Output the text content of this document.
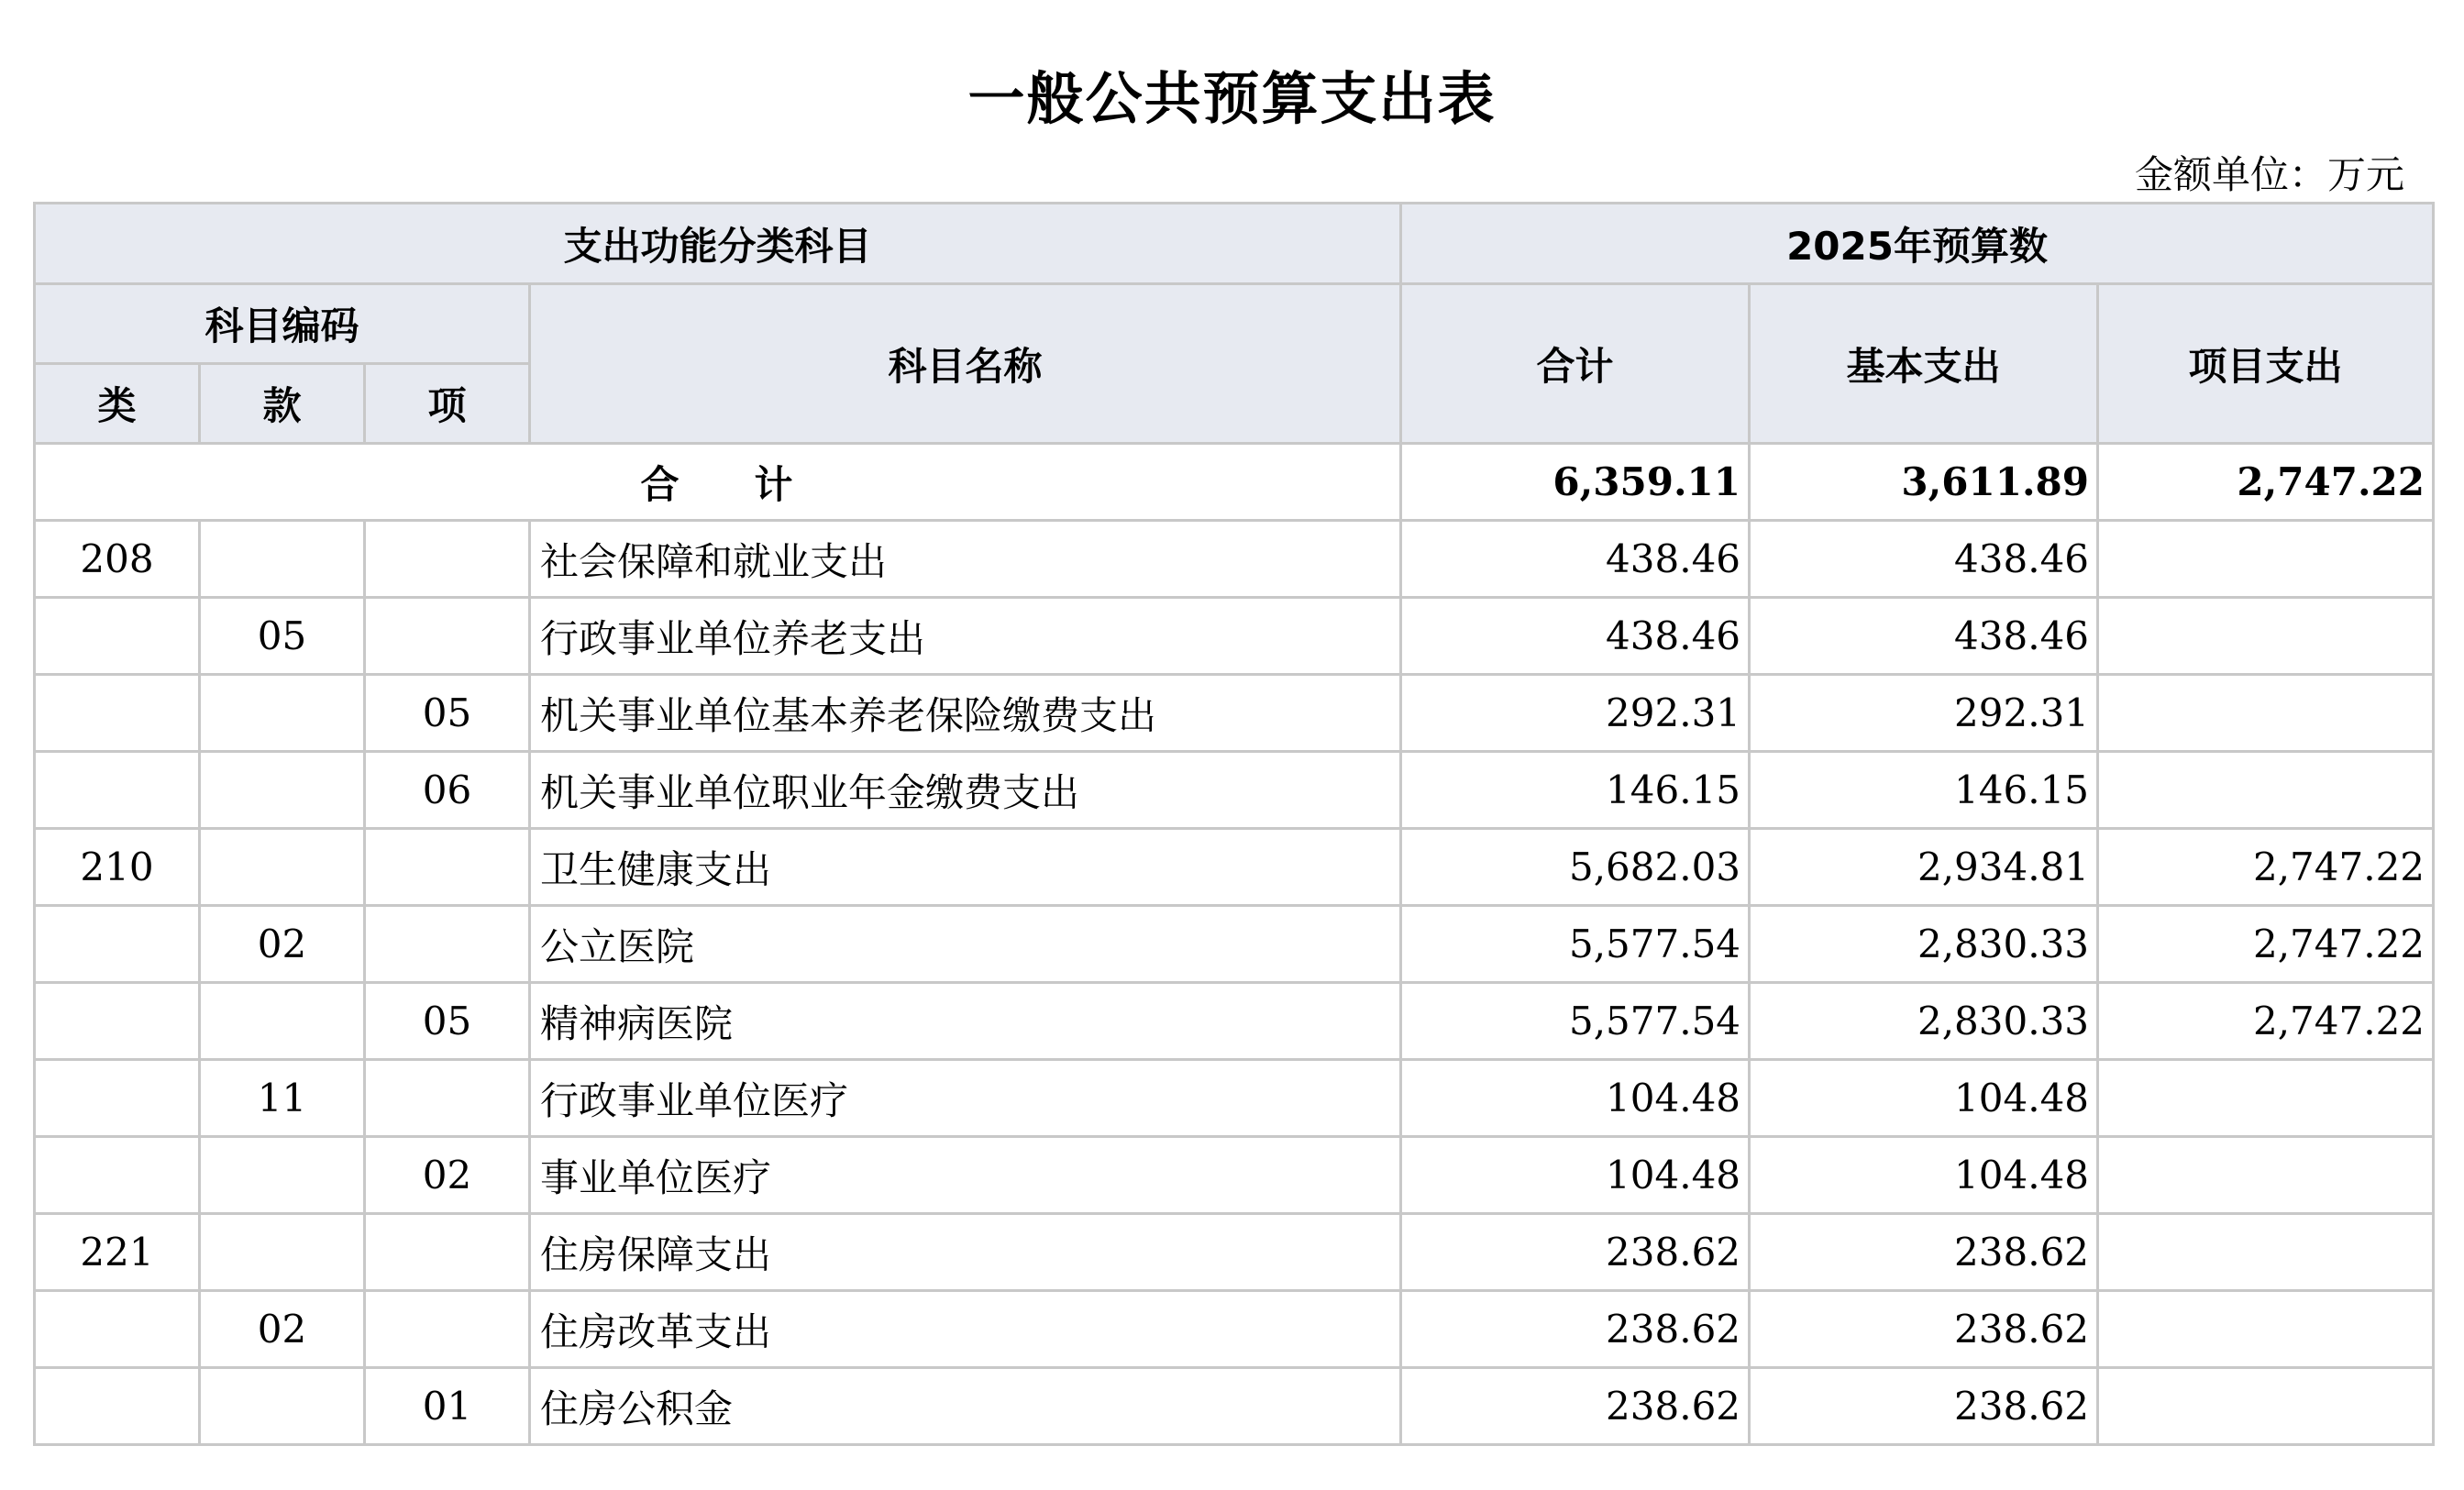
一般公共预算支出表
金额单位：万元
支出功能分类科目				2025年预算数		
科目编码			科目名称	合计	基本支出	项目支出
类	款	项				
合 计				6,359.11	3,611.89	2,747.22
208			社会保障和就业支出	438.46	438.46	
	05		行政事业单位养老支出	438.46	438.46	
		05	机关事业单位基本养老保险缴费支出	292.31	292.31	
		06	机关事业单位职业年金缴费支出	146.15	146.15	
210			卫生健康支出	5,682.03	2,934.81	2,747.22
	02		公立医院	5,577.54	2,830.33	2,747.22
		05	精神病医院	5,577.54	2,830.33	2,747.22
	11		行政事业单位医疗	104.48	104.48	
		02	事业单位医疗	104.48	104.48	
221			住房保障支出	238.62	238.62	
	02		住房改革支出	238.62	238.62	
		01	住房公积金	238.62	238.62	
